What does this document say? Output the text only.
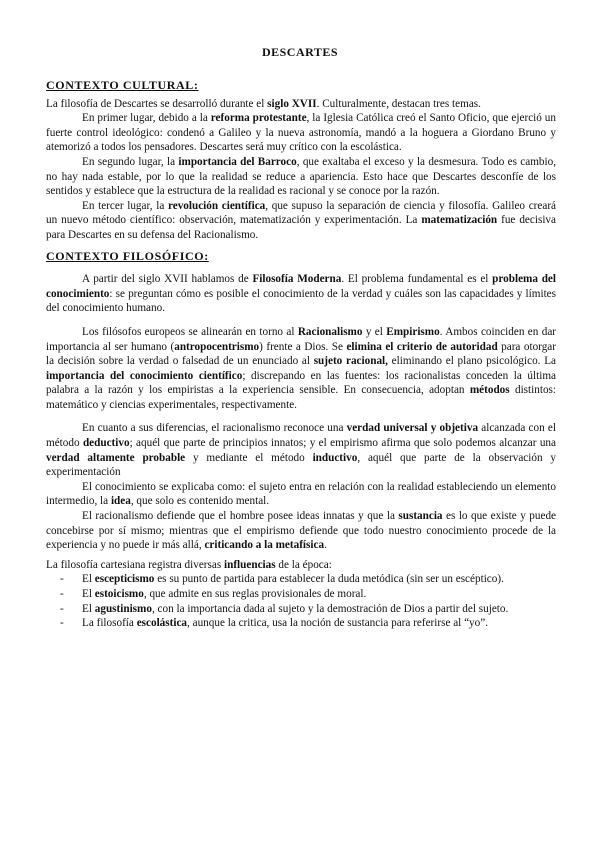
DESCARTES
CONTEXTO CULTURAL:

La filosofía de Descartes se desarrolló durante el siglo XVII. Culturalmente, destacan tres temas.

En primer lugar, debido a la reforma protestante, la Iglesia Católica creó el Santo Oficio, que ejerció un fuerte control ideológico: condenó a Galileo y la nueva astronomía, mandó a la hoguera a Giordano Bruno y atemorizó a todos los pensadores. Descartes será muy crítico con la escolástica.

En segundo lugar, la importancia del Barroco, que exaltaba el exceso y la desmesura. Todo es cambio, no hay nada estable, por lo que la realidad se reduce a apariencia. Esto hace que Descartes desconfíe de los sentidos y establece que la estructura de la realidad es racional y se conoce por la razón.

En tercer lugar, la revolución científica, que supuso la separación de ciencia y filosofía. Galileo creará un nuevo método científico: observación, matematización y experimentación. La matematización fue decisiva para Descartes en su defensa del Racionalismo.

CONTEXTO FILOSÓFICO:

A partir del siglo XVII hablamos de Filosofía Moderna. El problema fundamental es el problema del conocimiento: se preguntan cómo es posible el conocimiento de la verdad y cuáles son las capacidades y límites del conocimiento humano.

Los filósofos europeos se alinearán en torno al Racionalismo y el Empirismo. Ambos coinciden en dar importancia al ser humano (antropocentrismo) frente a Dios. Se elimina el criterio de autoridad para otorgar la decisión sobre la verdad o falsedad de un enunciado al sujeto racional, eliminando el plano psicológico. La importancia del conocimiento científico; discrepando en las fuentes: los racionalistas conceden la última palabra a la razón y los empiristas a la experiencia sensible. En consecuencia, adoptan métodos distintos: matemático y ciencias experimentales, respectivamente.

En cuanto a sus diferencias, el racionalismo reconoce una verdad universal y objetiva alcanzada con el método deductivo; aquél que parte de principios innatos; y el empirismo afirma que solo podemos alcanzar una verdad altamente probable y mediante el método inductivo, aquél que parte de la observación y experimentación

El conocimiento se explicaba como: el sujeto entra en relación con la realidad estableciendo un elemento intermedio, la idea, que solo es contenido mental.

El racionalismo defiende que el hombre posee ideas innatas y que la sustancia es lo que existe y puede concebirse por sí mismo; mientras que el empirismo defiende que todo nuestro conocimiento procede de la experiencia y no puede ir más allá, criticando a la metafísica.

La filosofía cartesiana registra diversas influencias de la época:

- El escepticismo es su punto de partida para establecer la duda metódica (sin ser un escéptico).
- El estoicismo, que admite en sus reglas provisionales de moral.
- El agustinismo, con la importancia dada al sujeto y la demostración de Dios a partir del sujeto.
- La filosofía escolástica, aunque la critica, usa la noción de sustancia para referirse al “yo”.
